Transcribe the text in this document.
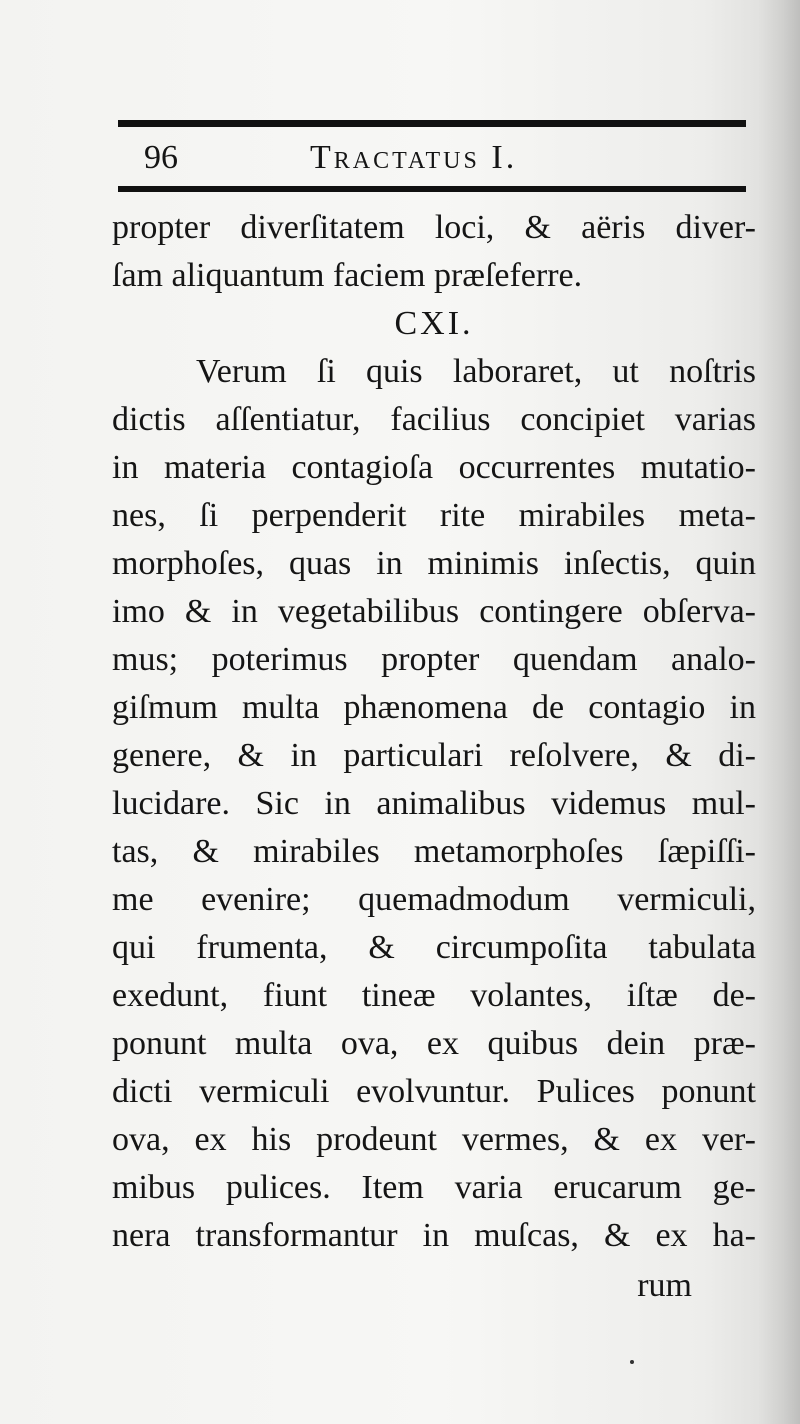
96	Tractatus I.
propter diverſitatem loci, & aëris diver-
ſam aliquantum faciem præſeferre.
CXI.
Verum ſi quis laboraret, ut noſtris
dictis aſſentiatur, facilius concipiet varias
in materia contagioſa occurrentes mutatio-
nes, ſi perpenderit rite mirabiles meta-
morphoſes, quas in minimis inſectis, quin
imo & in vegetabilibus contingere obſerva-
mus; poterimus propter quendam analo-
giſmum multa phænomena de contagio in
genere, & in particulari reſolvere, & di-
lucidare. Sic in animalibus videmus mul-
tas, & mirabiles metamorphoſes ſæpiſſi-
me evenire; quemadmodum vermiculi,
qui frumenta, & circumpoſita tabulata
exedunt, fiunt tineæ volantes, iſtæ de-
ponunt multa ova, ex quibus dein præ-
dicti vermiculi evolvuntur. Pulices ponunt
ova, ex his prodeunt vermes, & ex ver-
mibus pulices. Item varia erucarum ge-
nera transformantur in muſcas, & ex ha-
rum
